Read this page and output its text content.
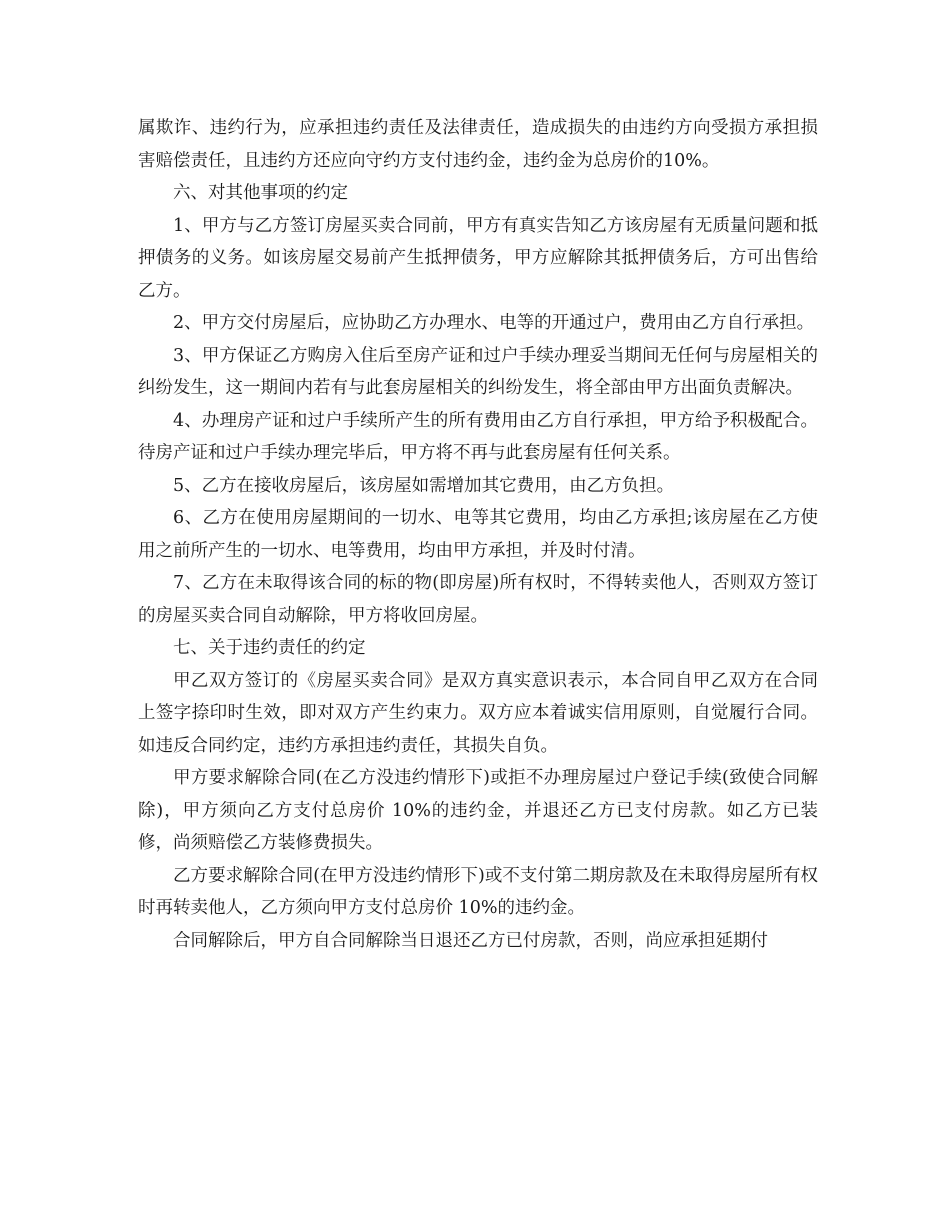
属欺诈、违约行为，应承担违约责任及法律责任，造成损失的由违约方向受损方承担损害赔偿责任，且违约方还应向守约方支付违约金，违约金为总房价的10%。

六、对其他事项的约定

1、甲方与乙方签订房屋买卖合同前，甲方有真实告知乙方该房屋有无质量问题和抵押债务的义务。如该房屋交易前产生抵押债务，甲方应解除其抵押债务后，方可出售给乙方。

2、甲方交付房屋后，应协助乙方办理水、电等的开通过户，费用由乙方自行承担。

3、甲方保证乙方购房入住后至房产证和过户手续办理妥当期间无任何与房屋相关的纠纷发生，这一期间内若有与此套房屋相关的纠纷发生，将全部由甲方出面负责解决。

4、办理房产证和过户手续所产生的所有费用由乙方自行承担，甲方给予积极配合。待房产证和过户手续办理完毕后，甲方将不再与此套房屋有任何关系。

5、乙方在接收房屋后，该房屋如需增加其它费用，由乙方负担。

6、乙方在使用房屋期间的一切水、电等其它费用，均由乙方承担;该房屋在乙方使用之前所产生的一切水、电等费用，均由甲方承担，并及时付清。

7、乙方在未取得该合同的标的物(即房屋)所有权时，不得转卖他人，否则双方签订的房屋买卖合同自动解除，甲方将收回房屋。

七、关于违约责任的约定

甲乙双方签订的《房屋买卖合同》是双方真实意识表示，本合同自甲乙双方在合同上签字捺印时生效，即对双方产生约束力。双方应本着诚实信用原则，自觉履行合同。如违反合同约定，违约方承担违约责任，其损失自负。

甲方要求解除合同(在乙方没违约情形下)或拒不办理房屋过户登记手续(致使合同解除)，甲方须向乙方支付总房价 10%的违约金，并退还乙方已支付房款。如乙方已装修，尚须赔偿乙方装修费损失。

乙方要求解除合同(在甲方没违约情形下)或不支付第二期房款及在未取得房屋所有权时再转卖他人，乙方须向甲方支付总房价 10%的违约金。

合同解除后，甲方自合同解除当日退还乙方已付房款，否则，尚应承担延期付
